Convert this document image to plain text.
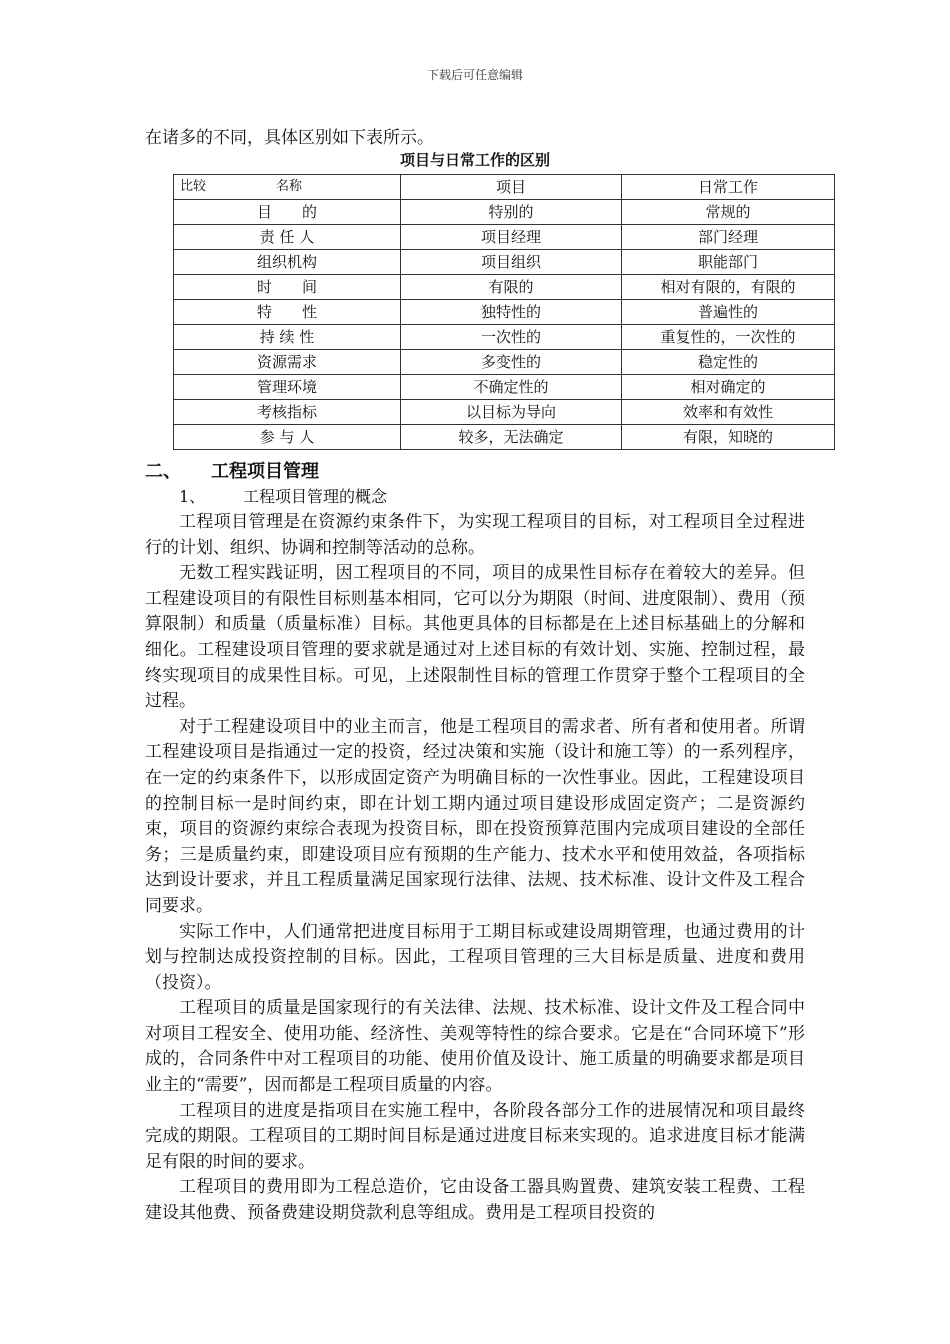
下载后可任意编辑

在诸多的不同，具体区别如下表所示。

项目与日常工作的区别

比较 名称	项目	日常工作
目　　的	特别的	常规的
责 任 人	项目经理	部门经理
组织机构	项目组织	职能部门
时　　间	有限的	相对有限的，有限的
特　　性	独特性的	普遍性的
持 续 性	一次性的	重复性的，一次性的
资源需求	多变性的	稳定性的
管理环境	不确定性的	相对确定的
考核指标	以目标为导向	效率和有效性
参 与 人	较多，无法确定	有限，知晓的

二、 工程项目管理

1、 工程项目管理的概念

工程项目管理是在资源约束条件下，为实现工程项目的目标，对工程项目全过程进行的计划、组织、协调和控制等活动的总称。

无数工程实践证明，因工程项目的不同，项目的成果性目标存在着较大的差异。但工程建设项目的有限性目标则基本相同，它可以分为期限（时间、进度限制）、费用（预算限制）和质量（质量标准）目标。其他更具体的目标都是在上述目标基础上的分解和细化。工程建设项目管理的要求就是通过对上述目标的有效计划、实施、控制过程，最终实现项目的成果性目标。可见，上述限制性目标的管理工作贯穿于整个工程项目的全过程。

对于工程建设项目中的业主而言，他是工程项目的需求者、所有者和使用者。所谓工程建设项目是指通过一定的投资，经过决策和实施（设计和施工等）的一系列程序，在一定的约束条件下，以形成固定资产为明确目标的一次性事业。因此，工程建设项目的控制目标一是时间约束，即在计划工期内通过项目建设形成固定资产；二是资源约束，项目的资源约束综合表现为投资目标，即在投资预算范围内完成项目建设的全部任务；三是质量约束，即建设项目应有预期的生产能力、技术水平和使用效益，各项指标达到设计要求，并且工程质量满足国家现行法律、法规、技术标准、设计文件及工程合同要求。

实际工作中，人们通常把进度目标用于工期目标或建设周期管理，也通过费用的计划与控制达成投资控制的目标。因此，工程项目管理的三大目标是质量、进度和费用（投资）。

工程项目的质量是国家现行的有关法律、法规、技术标准、设计文件及工程合同中对项目工程安全、使用功能、经济性、美观等特性的综合要求。它是在“合同环境下”形成的，合同条件中对工程项目的功能、使用价值及设计、施工质量的明确要求都是项目业主的“需要”，因而都是工程项目质量的内容。

工程项目的进度是指项目在实施工程中，各阶段各部分工作的进展情况和项目最终完成的期限。工程项目的工期时间目标是通过进度目标来实现的。追求进度目标才能满足有限的时间的要求。

工程项目的费用即为工程总造价，它由设备工器具购置费、建筑安装工程费、工程建设其他费、预备费建设期贷款利息等组成。费用是工程项目投资的
